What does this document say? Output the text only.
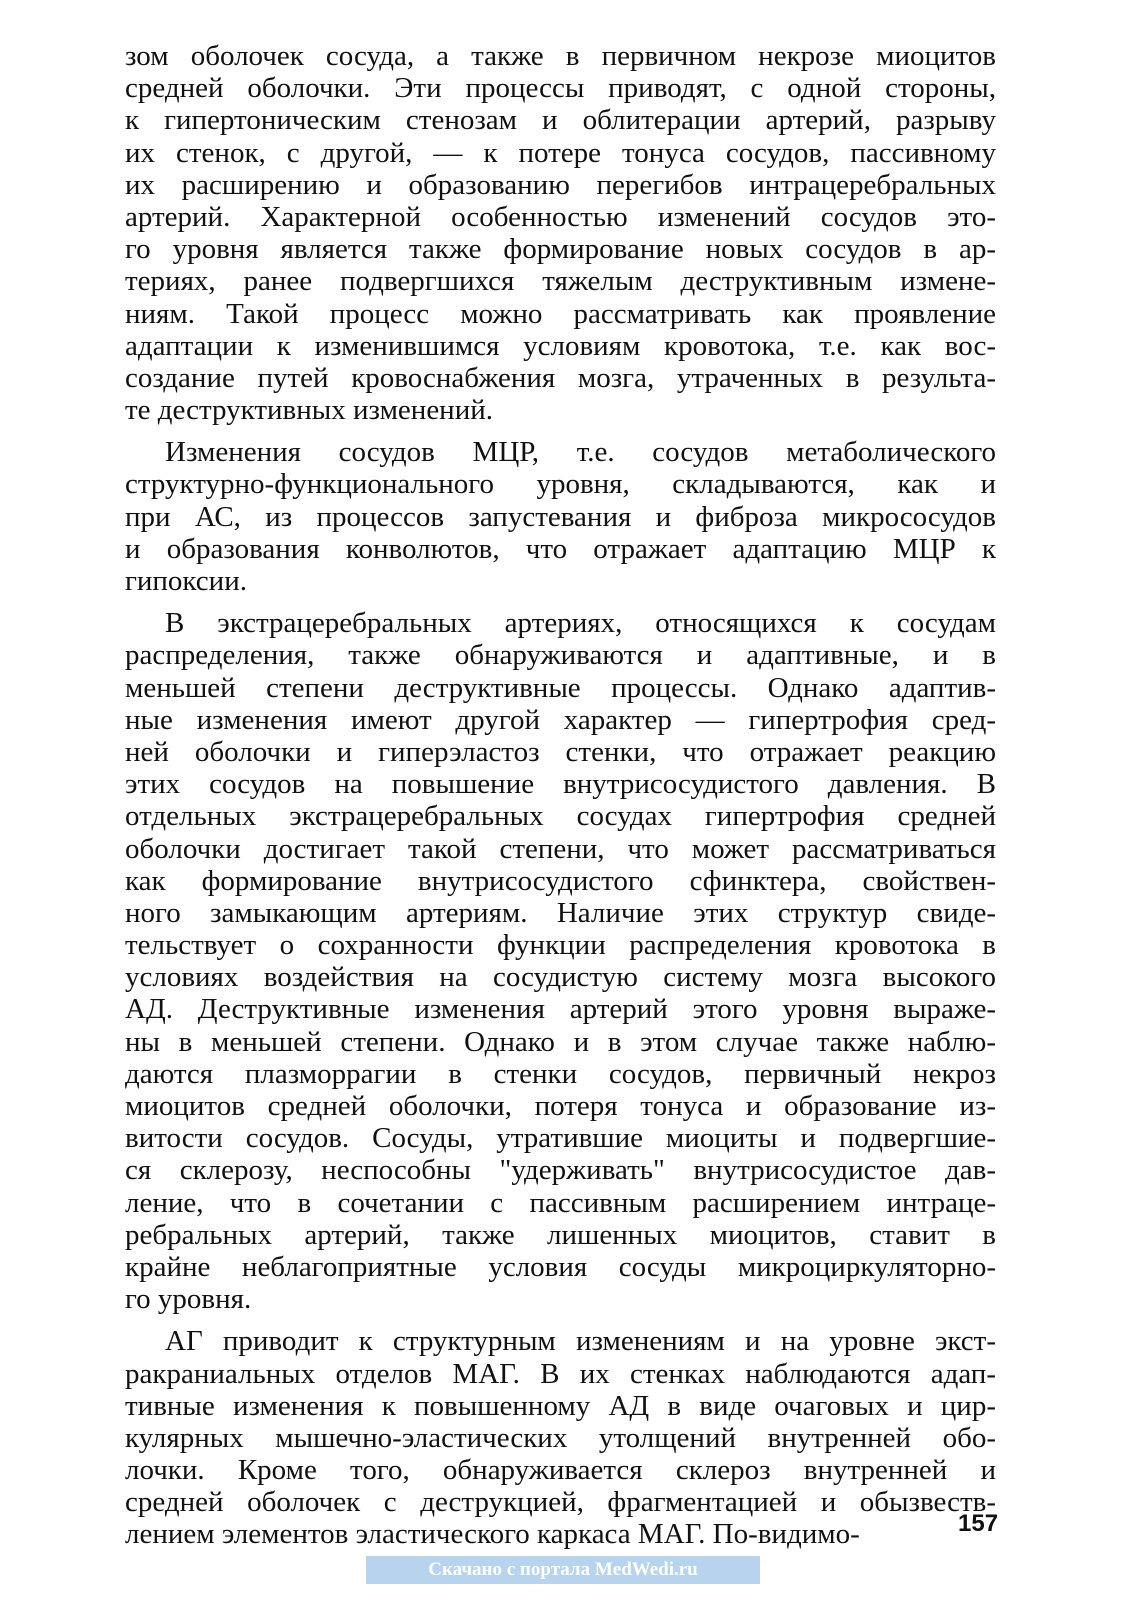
зом оболочек сосуда, а также в первичном некрозе миоцитов
средней оболочки. Эти процессы приводят, с одной стороны,
к гипертоническим стенозам и облитерации артерий, разрыву
их стенок, с другой, — к потере тонуса сосудов, пассивному
их расширению и образованию перегибов интрацеребральных
артерий. Характерной особенностью изменений сосудов это-
го уровня является также формирование новых сосудов в ар-
териях, ранее подвергшихся тяжелым деструктивным измене-
ниям. Такой процесс можно рассматривать как проявление
адаптации к изменившимся условиям кровотока, т.е. как вос-
создание путей кровоснабжения мозга, утраченных в результа-
те деструктивных изменений.
Изменения сосудов МЦР, т.е. сосудов метаболического
структурно-функционального уровня, складываются, как и
при АС, из процессов запустевания и фиброза микрососудов
и образования конволютов, что отражает адаптацию МЦР к
гипоксии.
В экстрацеребральных артериях, относящихся к сосудам
распределения, также обнаруживаются и адаптивные, и в
меньшей степени деструктивные процессы. Однако адаптив-
ные изменения имеют другой характер — гипертрофия сред-
ней оболочки и гиперэластоз стенки, что отражает реакцию
этих сосудов на повышение внутрисосудистого давления. В
отдельных экстрацеребральных сосудах гипертрофия средней
оболочки достигает такой степени, что может рассматриваться
как формирование внутрисосудистого сфинктера, свойствен-
ного замыкающим артериям. Наличие этих структур свиде-
тельствует о сохранности функции распределения кровотока в
условиях воздействия на сосудистую систему мозга высокого
АД. Деструктивные изменения артерий этого уровня выраже-
ны в меньшей степени. Однако и в этом случае также наблю-
даются плазморрагии в стенки сосудов, первичный некроз
миоцитов средней оболочки, потеря тонуса и образование из-
витости сосудов. Сосуды, утратившие миоциты и подвергшие-
ся склерозу, неспособны "удерживать" внутрисосудистое дав-
ление, что в сочетании с пассивным расширением интраце-
ребральных артерий, также лишенных миоцитов, ставит в
крайне неблагоприятные условия сосуды микроциркуляторно-
го уровня.
АГ приводит к структурным изменениям и на уровне экст-
ракраниальных отделов МАГ. В их стенках наблюдаются адап-
тивные изменения к повышенному АД в виде очаговых и цир-
кулярных мышечно-эластических утолщений внутренней обо-
лочки. Кроме того, обнаруживается склероз внутренней и
средней оболочек с деструкцией, фрагментацией и обызвеств-
лением элементов эластического каркаса МАГ. По-видимо-	157
Скачано с портала MedWedi.ru
